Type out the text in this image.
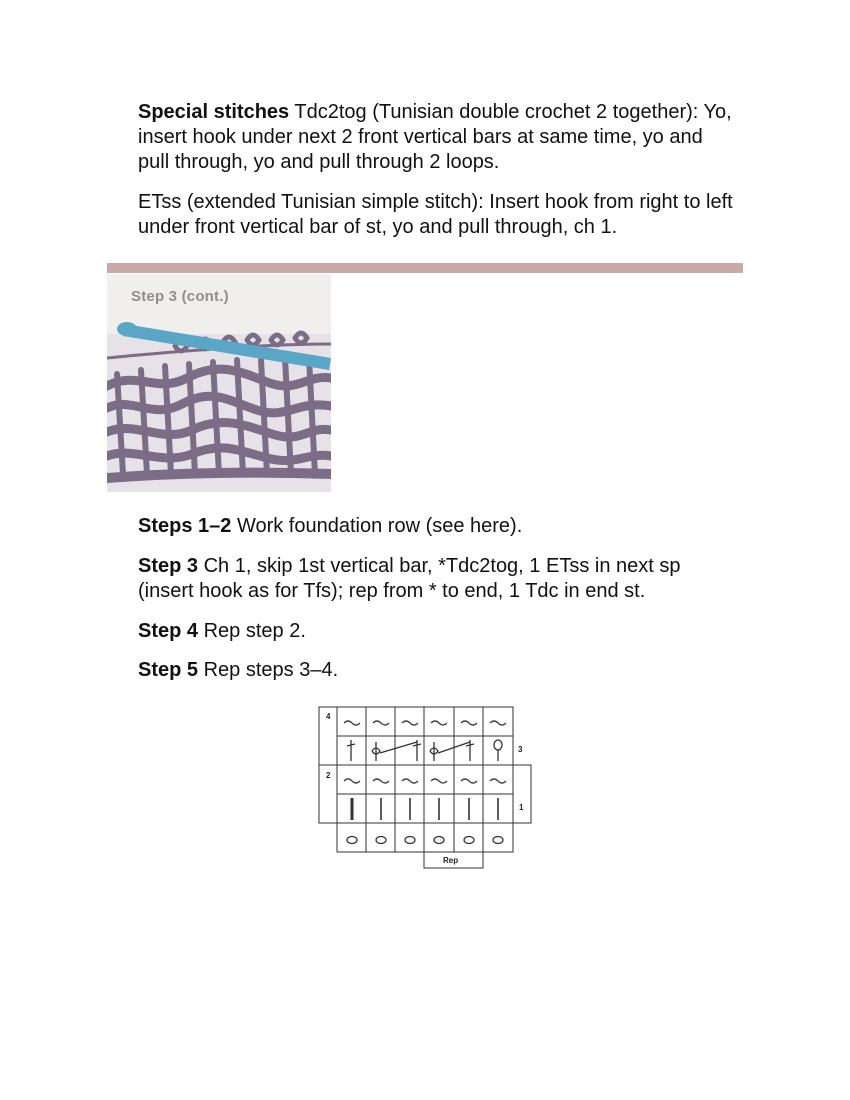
Special stitches Tdc2tog (Tunisian double crochet 2 together): Yo, insert hook under next 2 front vertical bars at same time, yo and pull through, yo and pull through 2 loops.

ETss (extended Tunisian simple stitch): Insert hook from right to left under front vertical bar of st, yo and pull through, ch 1.

Step 3 (cont.)

Steps 1–2 Work foundation row (see here).

Step 3 Ch 1, skip 1st vertical bar, *Tdc2tog, 1 ETss in next sp (insert hook as for Tfs); rep from * to end, 1 Tdc in end st.

Step 4 Rep step 2.

Step 5 Rep steps 3–4.

4
2
3
1
Rep
